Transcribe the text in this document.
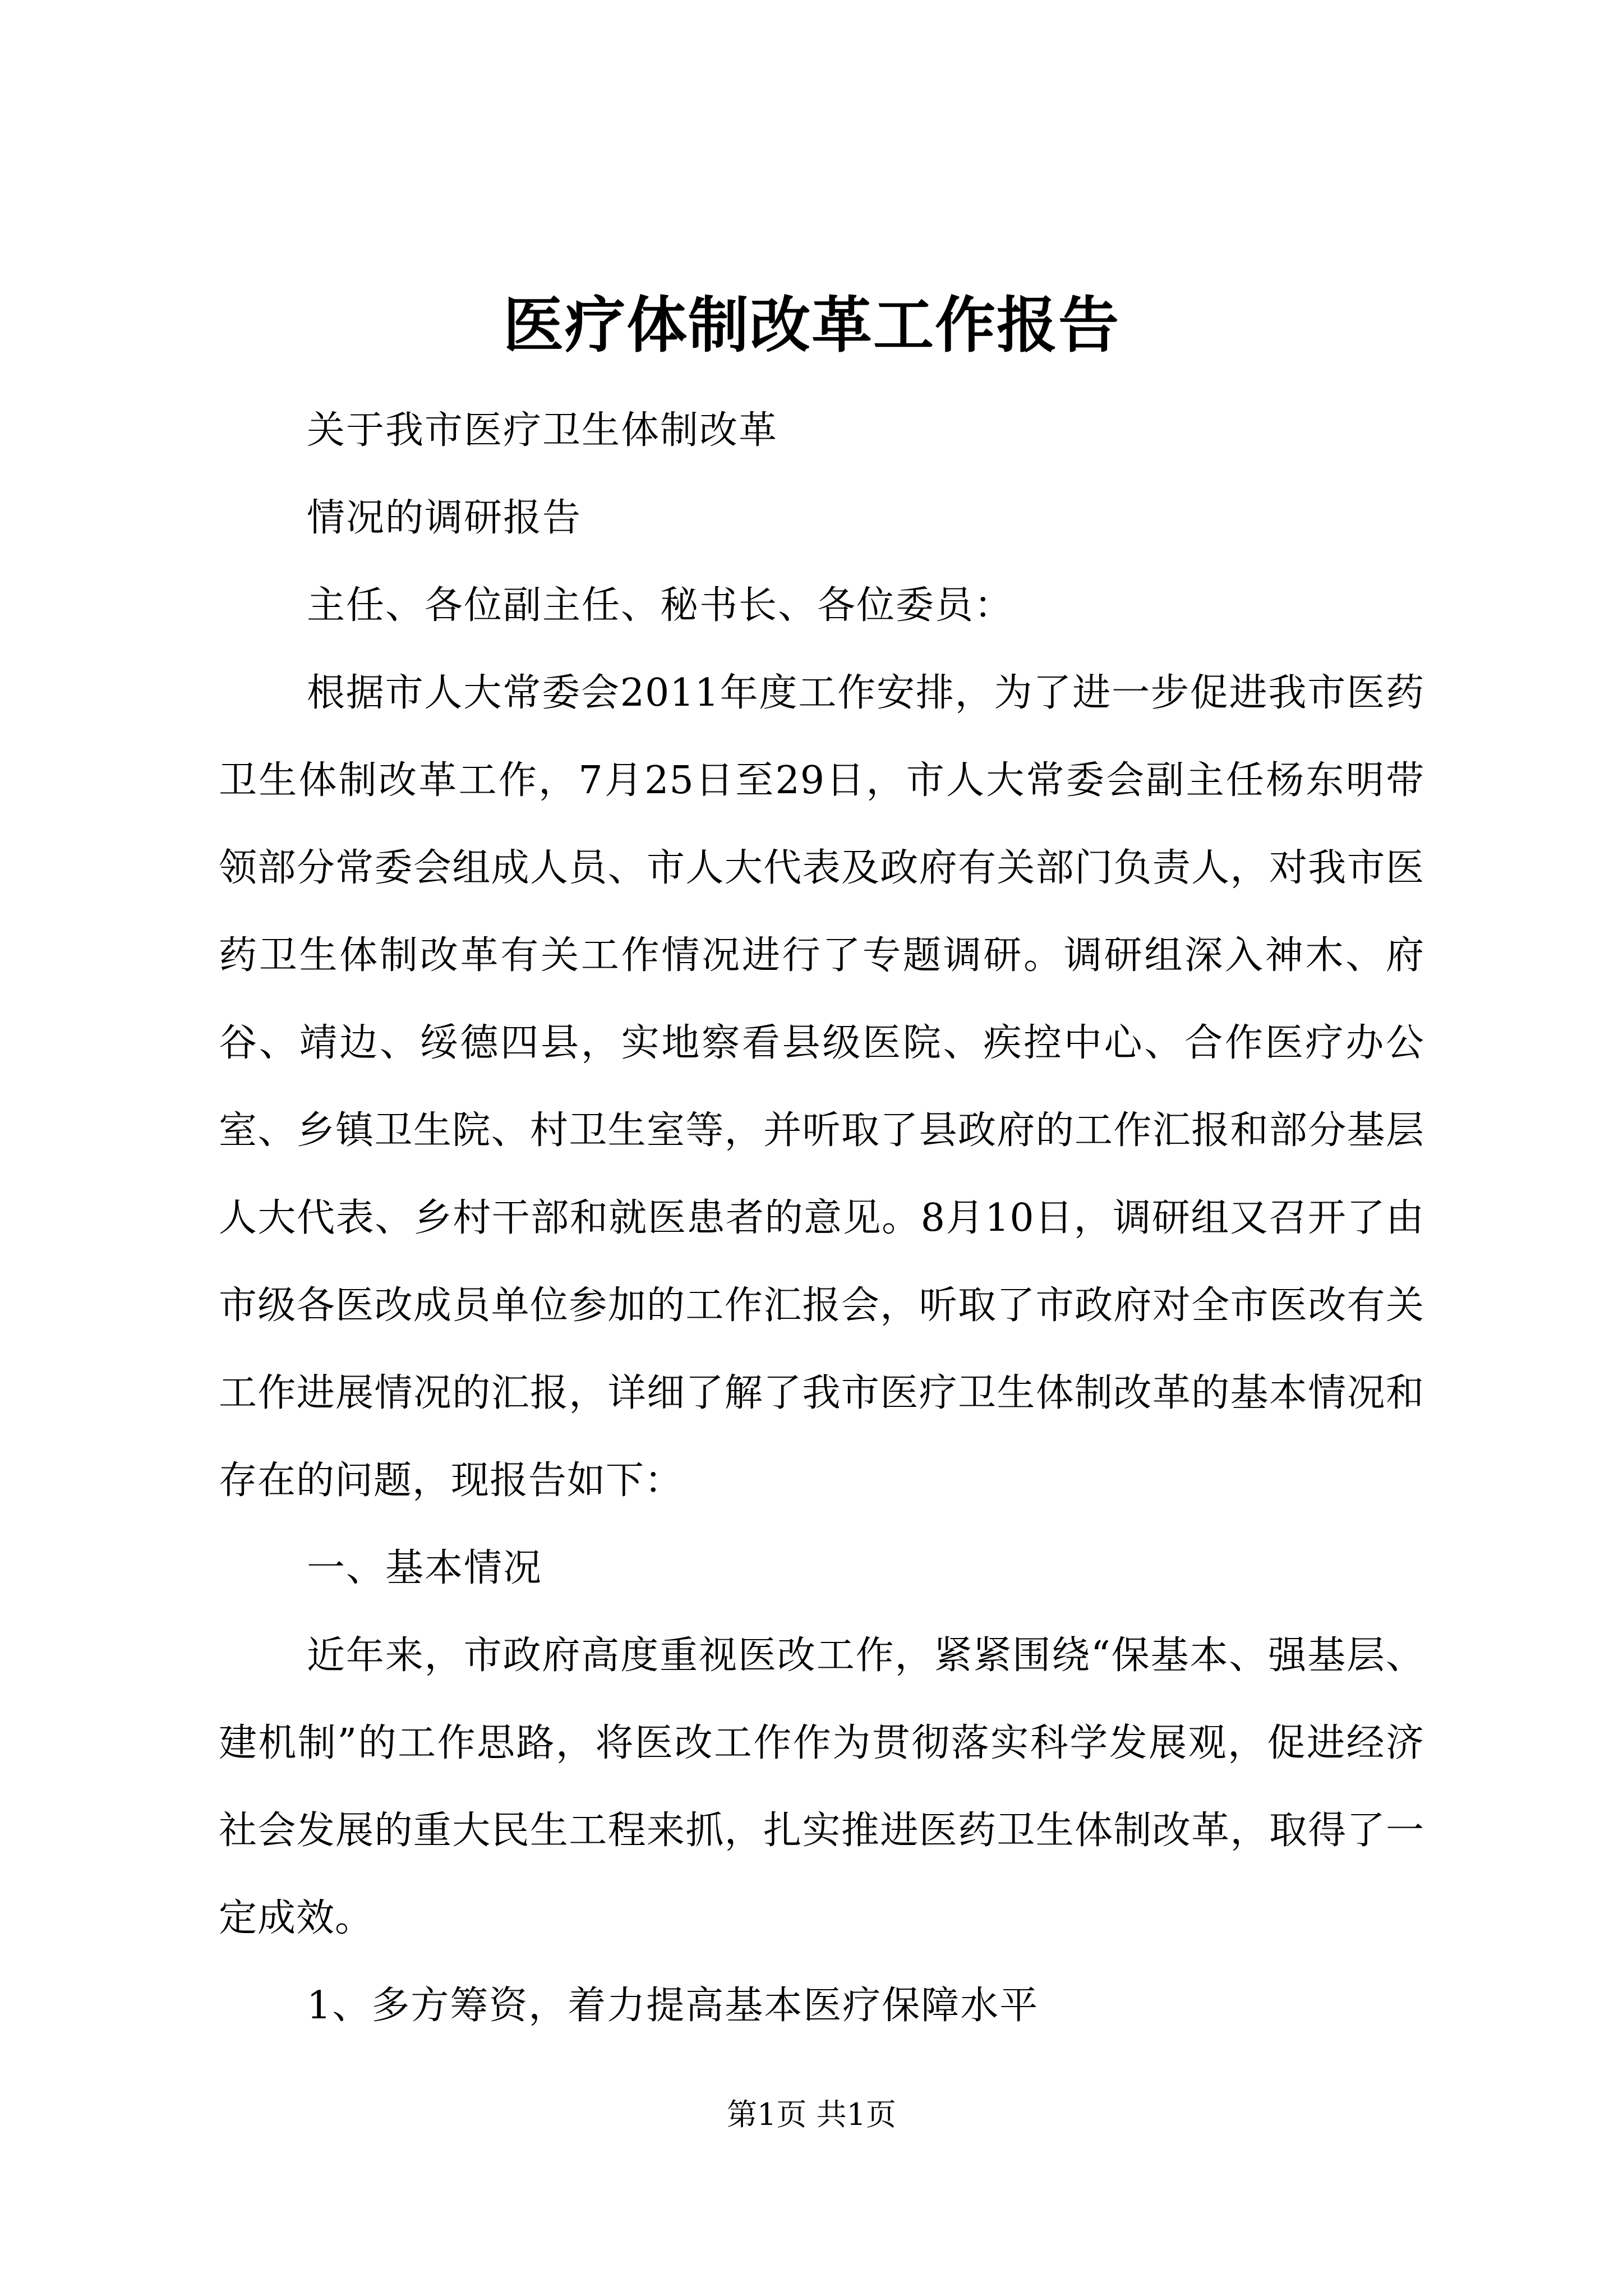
医疗体制改革工作报告

关于我市医疗卫生体制改革

情况的调研报告

主任、各位副主任、秘书长、各位委员：

根据市人大常委会2011年度工作安排，为了进一步促进我市医药卫生体制改革工作，7月25日至29日，市人大常委会副主任杨东明带领部分常委会组成人员、市人大代表及政府有关部门负责人，对我市医药卫生体制改革有关工作情况进行了专题调研。调研组深入神木、府谷、靖边、绥德四县，实地察看县级医院、疾控中心、合作医疗办公室、乡镇卫生院、村卫生室等，并听取了县政府的工作汇报和部分基层人大代表、乡村干部和就医患者的意见。8月10日，调研组又召开了由市级各医改成员单位参加的工作汇报会，听取了市政府对全市医改有关工作进展情况的汇报，详细了解了我市医疗卫生体制改革的基本情况和存在的问题，现报告如下：

一、基本情况

近年来，市政府高度重视医改工作，紧紧围绕“保基本、强基层、建机制”的工作思路，将医改工作作为贯彻落实科学发展观，促进经济社会发展的重大民生工程来抓，扎实推进医药卫生体制改革，取得了一定成效。

1、多方筹资，着力提高基本医疗保障水平

第1页 共1页
